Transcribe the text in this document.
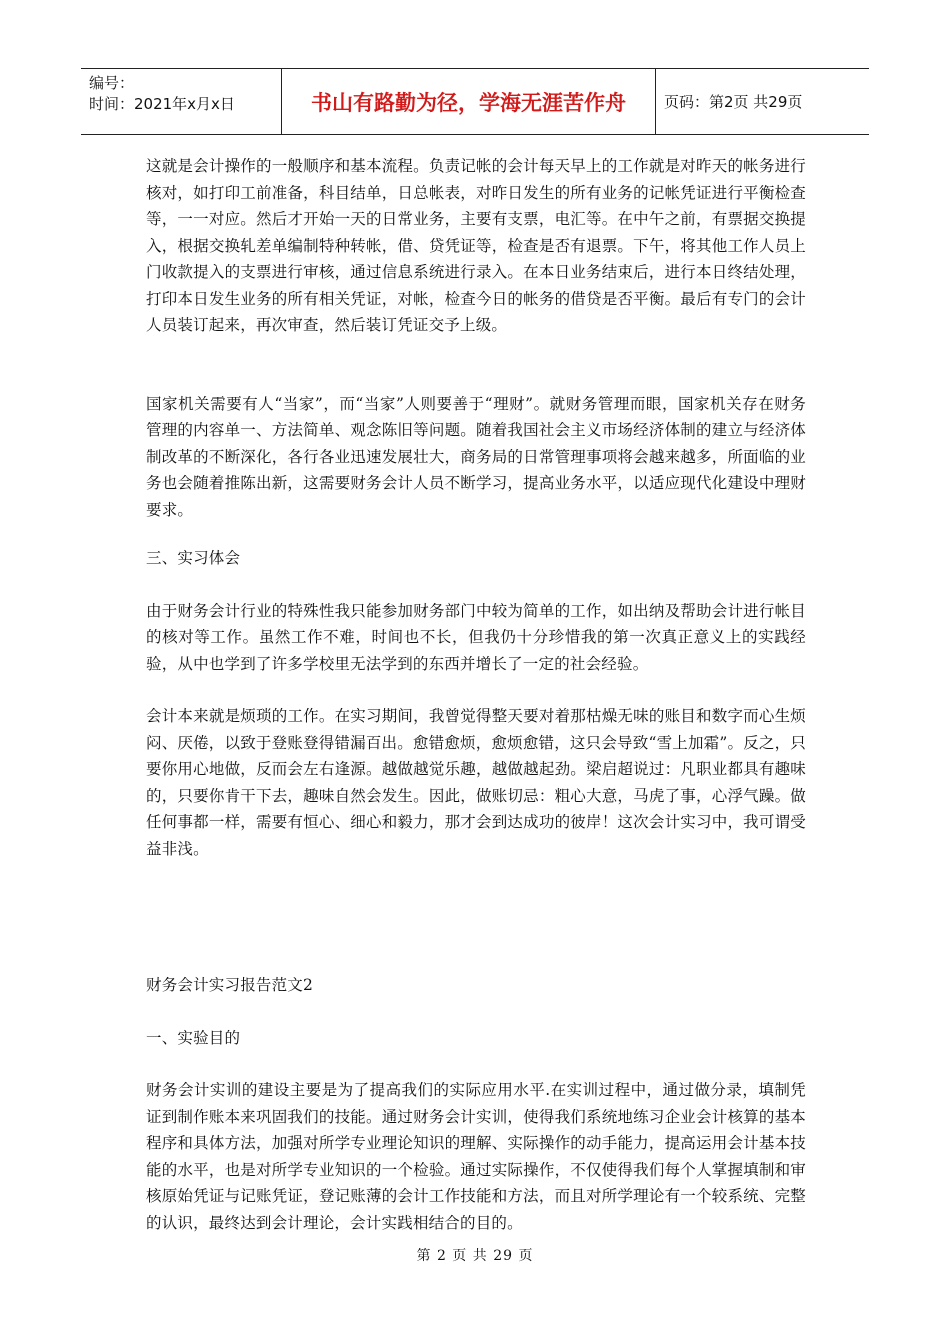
编号：
时间：2021年x月x日	书山有路勤为径，学海无涯苦作舟	页码：第2页 共29页

这就是会计操作的一般顺序和基本流程。负责记帐的会计每天早上的工作就是对昨天的帐务进行核对，如打印工前准备，科目结单，日总帐表，对昨日发生的所有业务的记帐凭证进行平衡检查等，一一对应。然后才开始一天的日常业务，主要有支票，电汇等。在中午之前，有票据交换提入，根据交换轧差单编制特种转帐，借、贷凭证等，检查是否有退票。下午，将其他工作人员上门收款提入的支票进行审核，通过信息系统进行录入。在本日业务结束后，进行本日终结处理，打印本日发生业务的所有相关凭证，对帐，检查今日的帐务的借贷是否平衡。最后有专门的会计人员装订起来，再次审查，然后装订凭证交予上级。

国家机关需要有人“当家”，而“当家”人则要善于“理财”。就财务管理而眼，国家机关存在财务管理的内容单一、方法简单、观念陈旧等问题。随着我国社会主义市场经济体制的建立与经济体制改革的不断深化，各行各业迅速发展壮大，商务局的日常管理事项将会越来越多，所面临的业务也会随着推陈出新，这需要财务会计人员不断学习，提高业务水平，以适应现代化建设中理财要求。

三、实习体会

由于财务会计行业的特殊性我只能参加财务部门中较为简单的工作，如出纳及帮助会计进行帐目的核对等工作。虽然工作不难，时间也不长，但我仍十分珍惜我的第一次真正意义上的实践经验，从中也学到了许多学校里无法学到的东西并增长了一定的社会经验。

会计本来就是烦琐的工作。在实习期间，我曾觉得整天要对着那枯燥无味的账目和数字而心生烦闷、厌倦，以致于登账登得错漏百出。愈错愈烦，愈烦愈错，这只会导致“雪上加霜”。反之，只要你用心地做，反而会左右逢源。越做越觉乐趣，越做越起劲。梁启超说过：凡职业都具有趣味的，只要你肯干下去，趣味自然会发生。因此，做账切忌：粗心大意，马虎了事，心浮气躁。做任何事都一样，需要有恒心、细心和毅力，那才会到达成功的彼岸！这次会计实习中，我可谓受益非浅。

财务会计实习报告范文2

一、实验目的

财务会计实训的建设主要是为了提高我们的实际应用水平.在实训过程中，通过做分录，填制凭证到制作账本来巩固我们的技能。通过财务会计实训，使得我们系统地练习企业会计核算的基本程序和具体方法，加强对所学专业理论知识的理解、实际操作的动手能力，提高运用会计基本技能的水平，也是对所学专业知识的一个检验。通过实际操作，不仅使得我们每个人掌握填制和审核原始凭证与记账凭证，登记账薄的会计工作技能和方法，而且对所学理论有一个较系统、完整的认识，最终达到会计理论，会计实践相结合的目的。

第 2 页 共 29 页
